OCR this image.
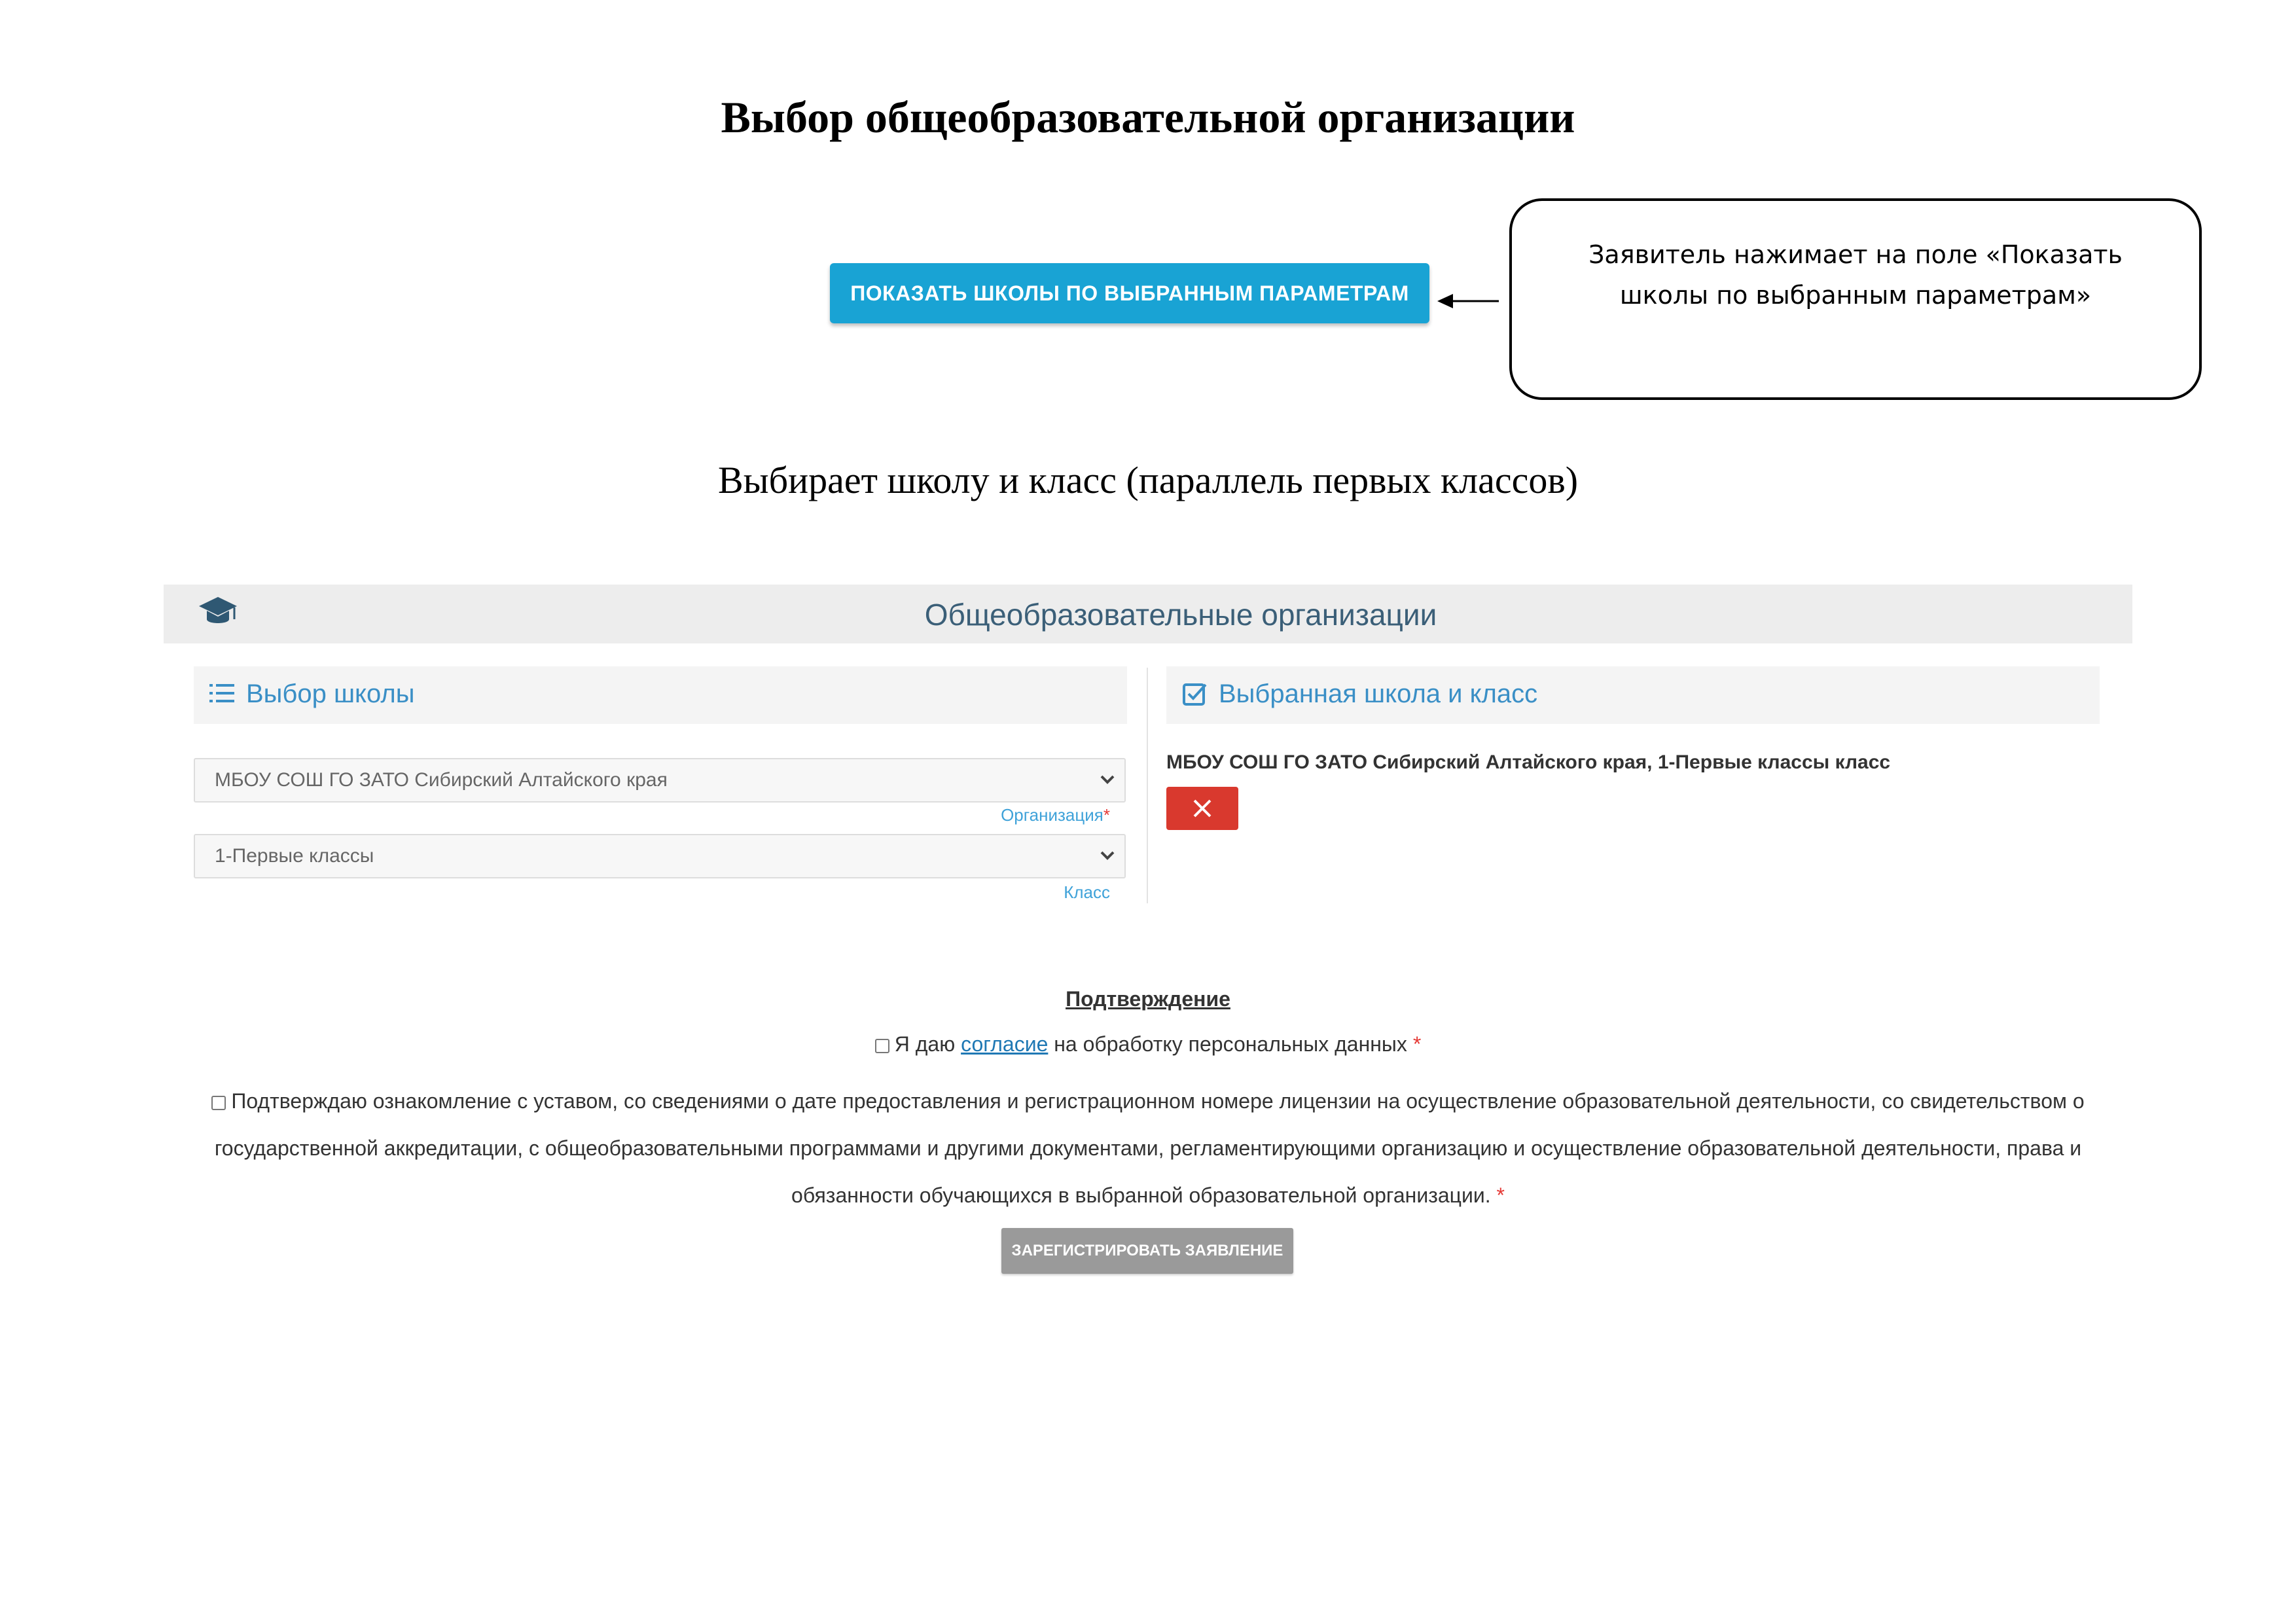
Выбор общеобразовательной организации
ПОКАЗАТЬ ШКОЛЫ ПО ВЫБРАННЫМ ПАРАМЕТРАМ
Заявитель нажимает на поле «Показать
школы по выбранным параметрам»
Выбирает школу и класс (параллель первых классов)
Общеобразовательные организации
Выбор школы	Выбранная школа и класс
МБОУ СОШ ГО ЗАТО Сибирский Алтайского края
Организация*
1-Первые классы
Класс
МБОУ СОШ ГО ЗАТО Сибирский Алтайского края, 1-Первые классы класс
Подтверждение
Я даю согласие на обработку персональных данных *
Подтверждаю ознакомление с уставом, со сведениями о дате предоставления и регистрационном номере лицензии на осуществление образовательной деятельности, со свидетельством о государственной аккредитации, с общеобразовательными программами и другими документами, регламентирующими организацию и осуществление образовательной деятельности, права и обязанности обучающихся в выбранной образовательной организации. *
ЗАРЕГИСТРИРОВАТЬ ЗАЯВЛЕНИЕ
